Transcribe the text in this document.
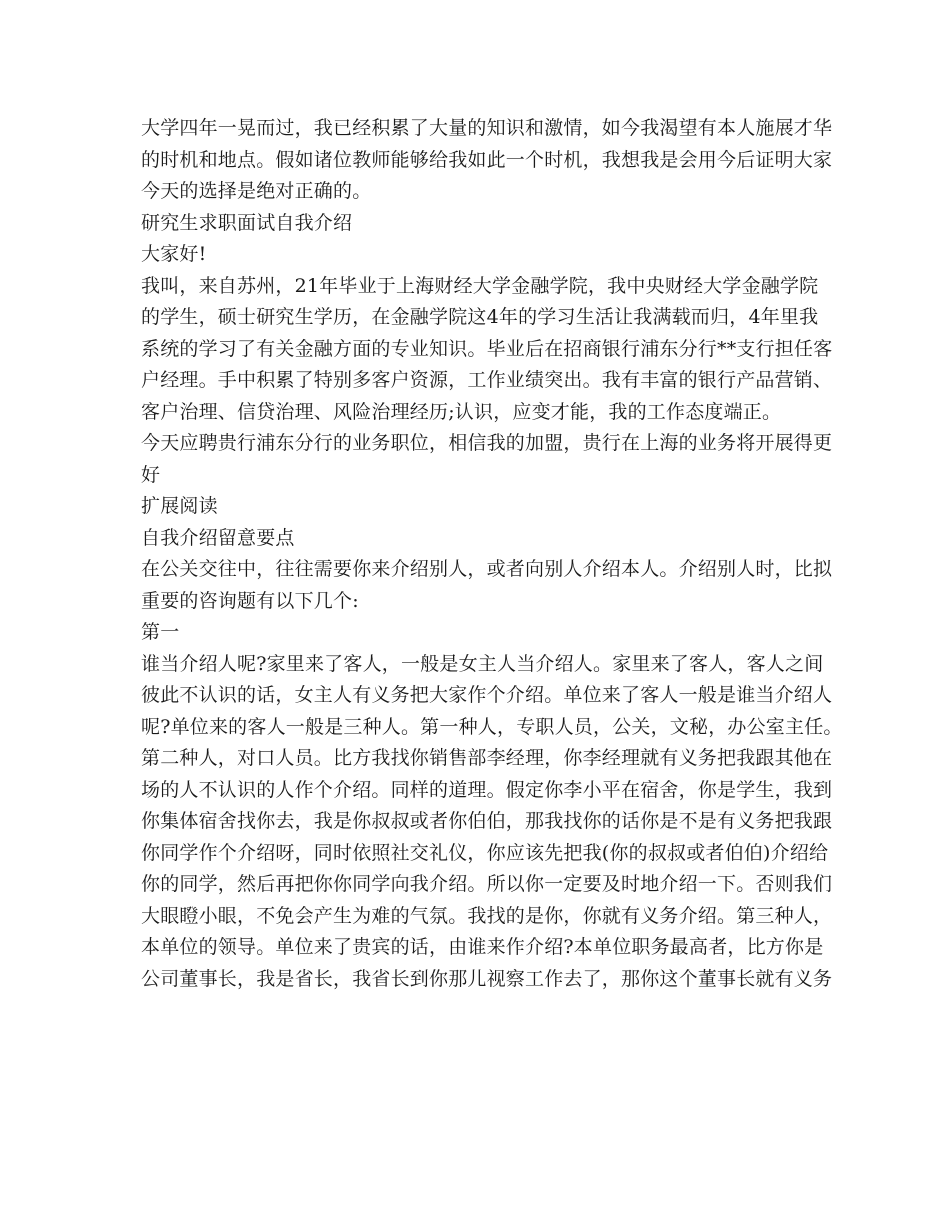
大学四年一晃而过，我已经积累了大量的知识和激情，如今我渴望有本人施展才华
的时机和地点。假如诸位教师能够给我如此一个时机，我想我是会用今后证明大家
今天的选择是绝对正确的。
研究生求职面试自我介绍
大家好!
我叫，来自苏州，21年毕业于上海财经大学金融学院，我中央财经大学金融学院
的学生，硕士研究生学历，在金融学院这4年的学习生活让我满载而归，4年里我
系统的学习了有关金融方面的专业知识。毕业后在招商银行浦东分行**支行担任客
户经理。手中积累了特别多客户资源，工作业绩突出。我有丰富的银行产品营销、
客户治理、信贷治理、风险治理经历;认识，应变才能，我的工作态度端正。
今天应聘贵行浦东分行的业务职位，相信我的加盟，贵行在上海的业务将开展得更
好
扩展阅读
自我介绍留意要点
在公关交往中，往往需要你来介绍别人，或者向别人介绍本人。介绍别人时，比拟
重要的咨询题有以下几个:
第一
谁当介绍人呢?家里来了客人，一般是女主人当介绍人。家里来了客人，客人之间
彼此不认识的话，女主人有义务把大家作个介绍。单位来了客人一般是谁当介绍人
呢?单位来的客人一般是三种人。第一种人，专职人员，公关，文秘，办公室主任。
第二种人，对口人员。比方我找你销售部李经理，你李经理就有义务把我跟其他在
场的人不认识的人作个介绍。同样的道理。假定你李小平在宿舍，你是学生，我到
你集体宿舍找你去，我是你叔叔或者你伯伯，那我找你的话你是不是有义务把我跟
你同学作个介绍呀，同时依照社交礼仪，你应该先把我(你的叔叔或者伯伯)介绍给
你的同学，然后再把你你同学向我介绍。所以你一定要及时地介绍一下。否则我们
大眼瞪小眼，不免会产生为难的气氛。我找的是你，你就有义务介绍。第三种人，
本单位的领导。单位来了贵宾的话，由谁来作介绍?本单位职务最高者，比方你是
公司董事长，我是省长，我省长到你那儿视察工作去了，那你这个董事长就有义务
